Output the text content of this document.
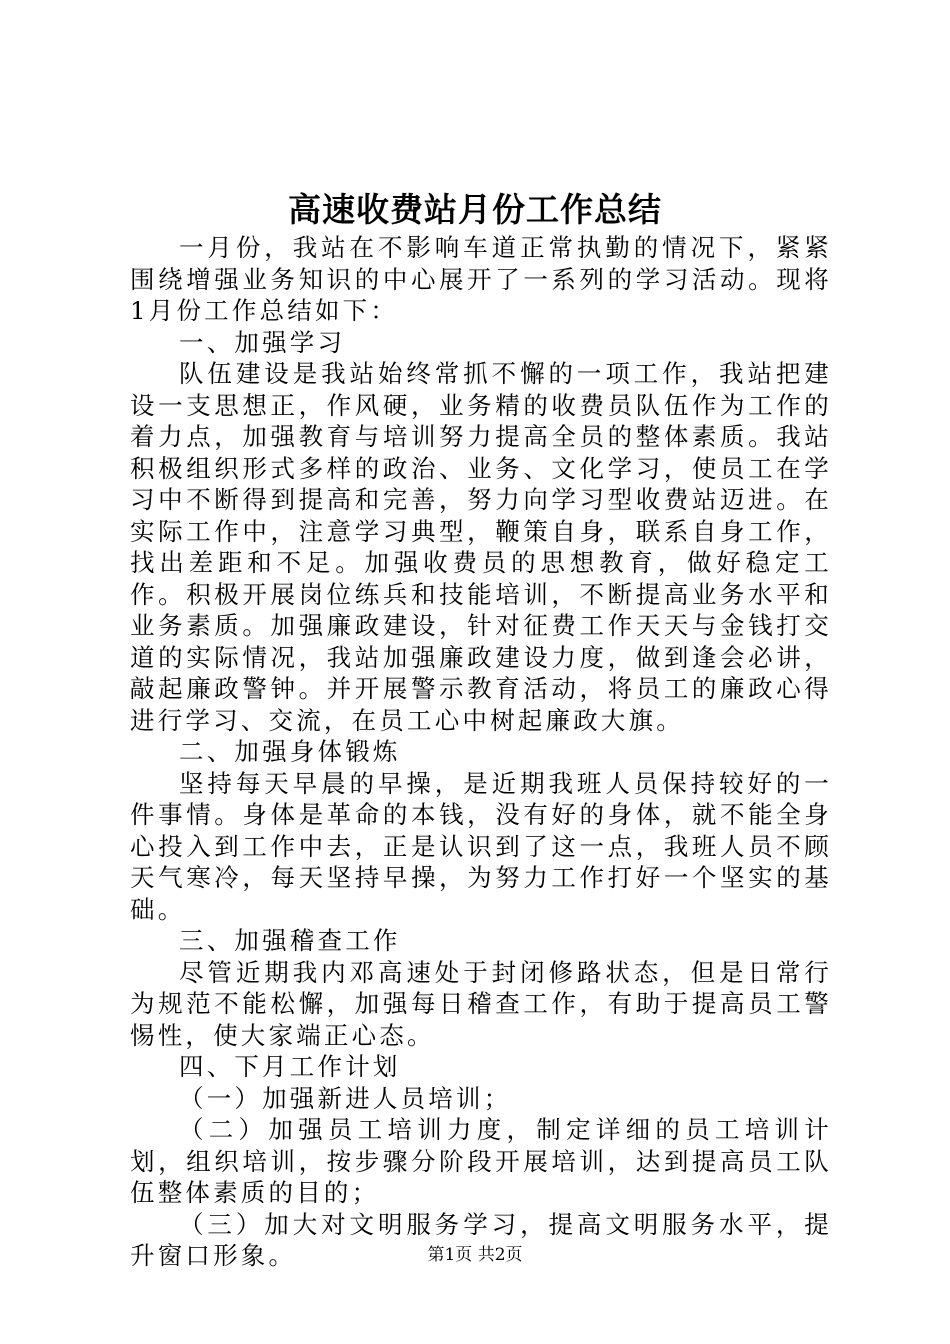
高速收费站月份工作总结

一月份，我站在不影响车道正常执勤的情况下，紧紧围绕增强业务知识的中心展开了一系列的学习活动。现将1月份工作总结如下：

一、加强学习

队伍建设是我站始终常抓不懈的一项工作，我站把建设一支思想正，作风硬，业务精的收费员队伍作为工作的着力点，加强教育与培训努力提高全员的整体素质。我站积极组织形式多样的政治、业务、文化学习，使员工在学习中不断得到提高和完善，努力向学习型收费站迈进。在实际工作中，注意学习典型，鞭策自身，联系自身工作，找出差距和不足。加强收费员的思想教育，做好稳定工作。积极开展岗位练兵和技能培训，不断提高业务水平和业务素质。加强廉政建设，针对征费工作天天与金钱打交道的实际情况，我站加强廉政建设力度，做到逢会必讲，敲起廉政警钟。并开展警示教育活动，将员工的廉政心得进行学习、交流，在员工心中树起廉政大旗。

二、加强身体锻炼

坚持每天早晨的早操，是近期我班人员保持较好的一件事情。身体是革命的本钱，没有好的身体，就不能全身心投入到工作中去，正是认识到了这一点，我班人员不顾天气寒冷，每天坚持早操，为努力工作打好一个坚实的基础。

三、加强稽查工作

尽管近期我内邓高速处于封闭修路状态，但是日常行为规范不能松懈，加强每日稽查工作，有助于提高员工警惕性，使大家端正心态。

四、下月工作计划

（一）加强新进人员培训；

（二）加强员工培训力度，制定详细的员工培训计划，组织培训，按步骤分阶段开展培训，达到提高员工队伍整体素质的目的；

（三）加大对文明服务学习，提高文明服务水平，提升窗口形象。	第1页 共2页
